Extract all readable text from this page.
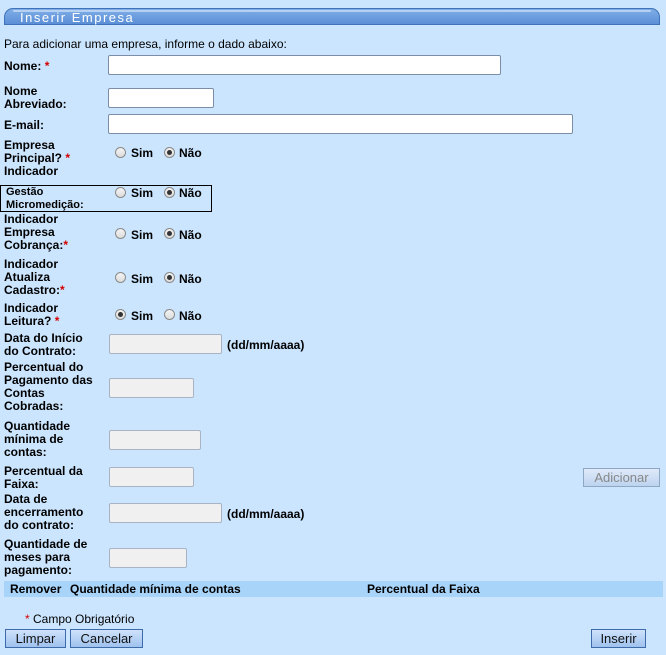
Inserir Empresa
Para adicionar uma empresa, informe o dado abaixo:
Nome: *
Nome
Abreviado:
E-mail:
Empresa
Principal? *
Indicador
Sim Não
Gestão
Micromedição:
Sim Não
Indicador
Empresa
Cobrança:*
Sim Não
Indicador
Atualiza
Cadastro:*
Sim Não
Indicador
Leitura? *	Sim Não
Data do Início
do Contrato:	(dd/mm/aaaa)
Percentual do
Pagamento das
Contas
Cobradas:
Quantidade
mínima de
contas:
Percentual da
Faixa:	Adicionar
Data de
encerramento
do contrato:
(dd/mm/aaaa)
Quantidade de
meses para
pagamento:
Remover Quantidade mínima de contas	Percentual da Faixa
* Campo Obrigatório
Limpar	Cancelar	Inserir
